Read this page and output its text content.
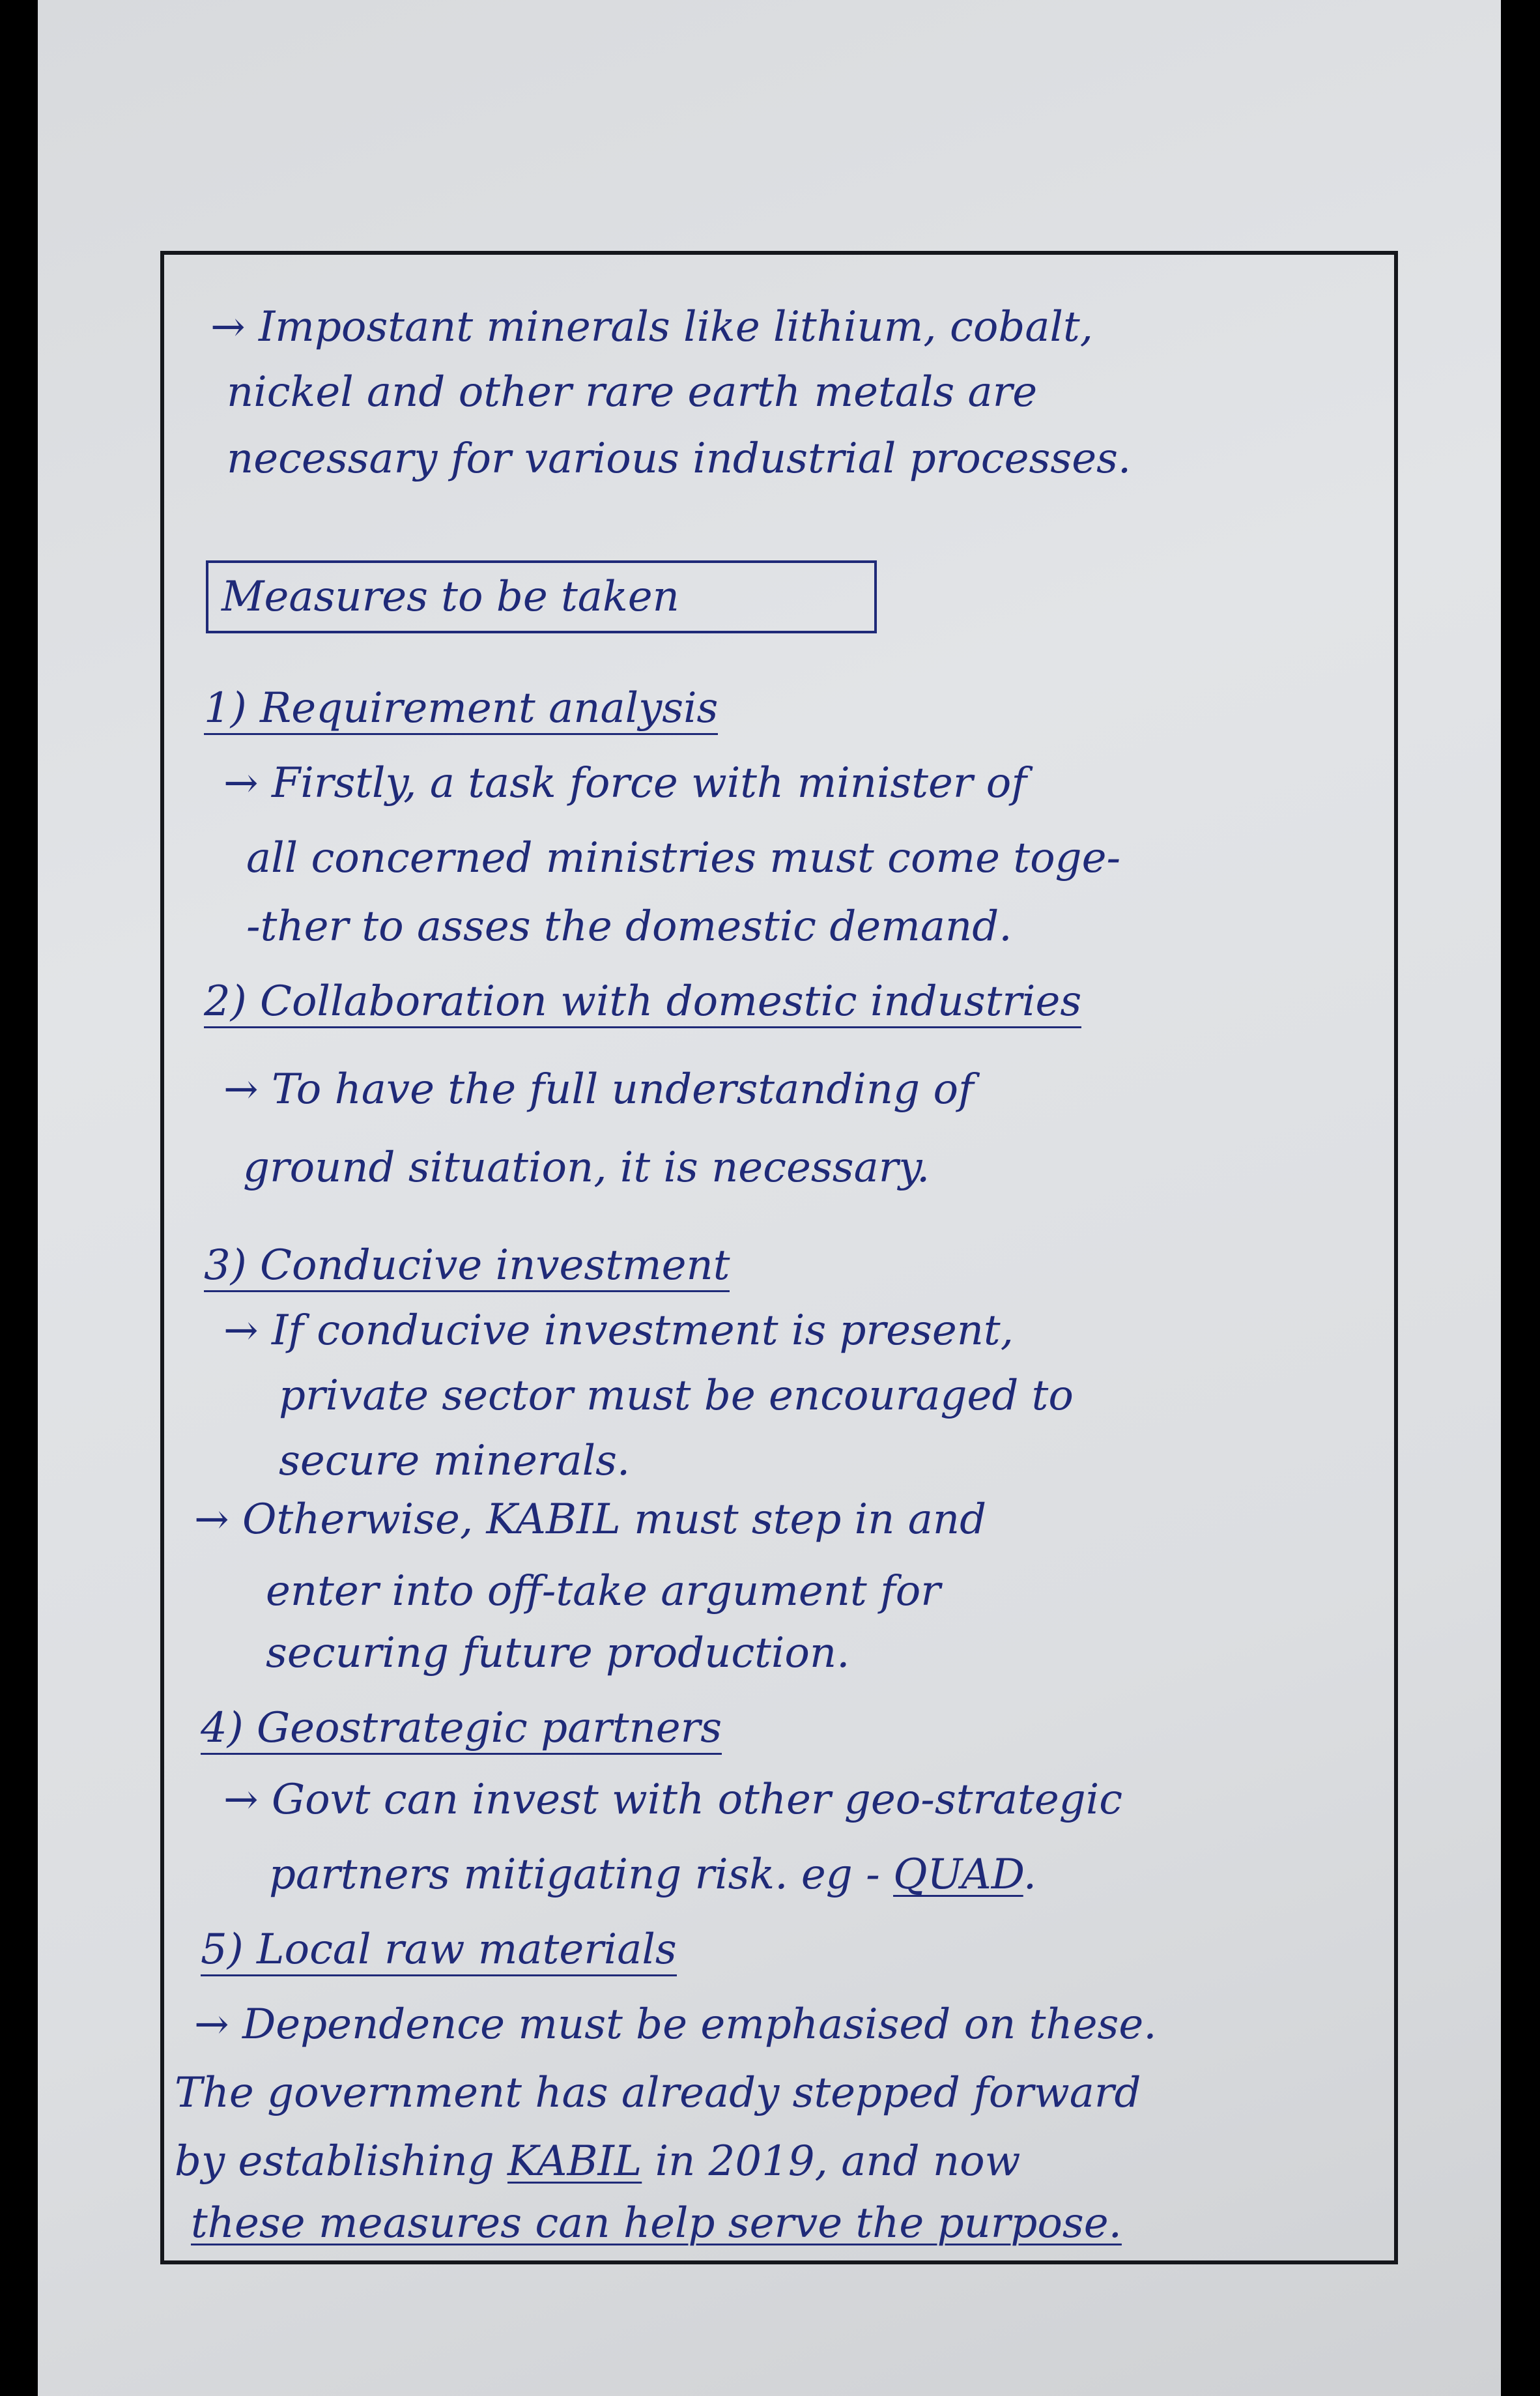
→ Impostant minerals like lithium, cobalt,

nickel and other rare earth metals are

necessary for various industrial processes.

Measures to be taken

1) Requirement analysis

→ Firstly, a task force with minister of

all concerned ministries must come toge-

-ther to asses the domestic demand.

2) Collaboration with domestic industries

→ To have the full understanding of

ground situation, it is necessary.

3) Conducive investment

→ If conducive investment is present,

private sector must be encouraged to

secure minerals.

→ Otherwise, KABIL must step in and

enter into off-take argument for

securing future production.

4) Geostrategic partners

→ Govt can invest with other geo-strategic

partners mitigating risk. eg - QUAD.

5) Local raw materials

→ Dependence must be emphasised on these.

The government has already stepped forward

by establishing KABIL in 2019, and now

these measures can help serve the purpose.
